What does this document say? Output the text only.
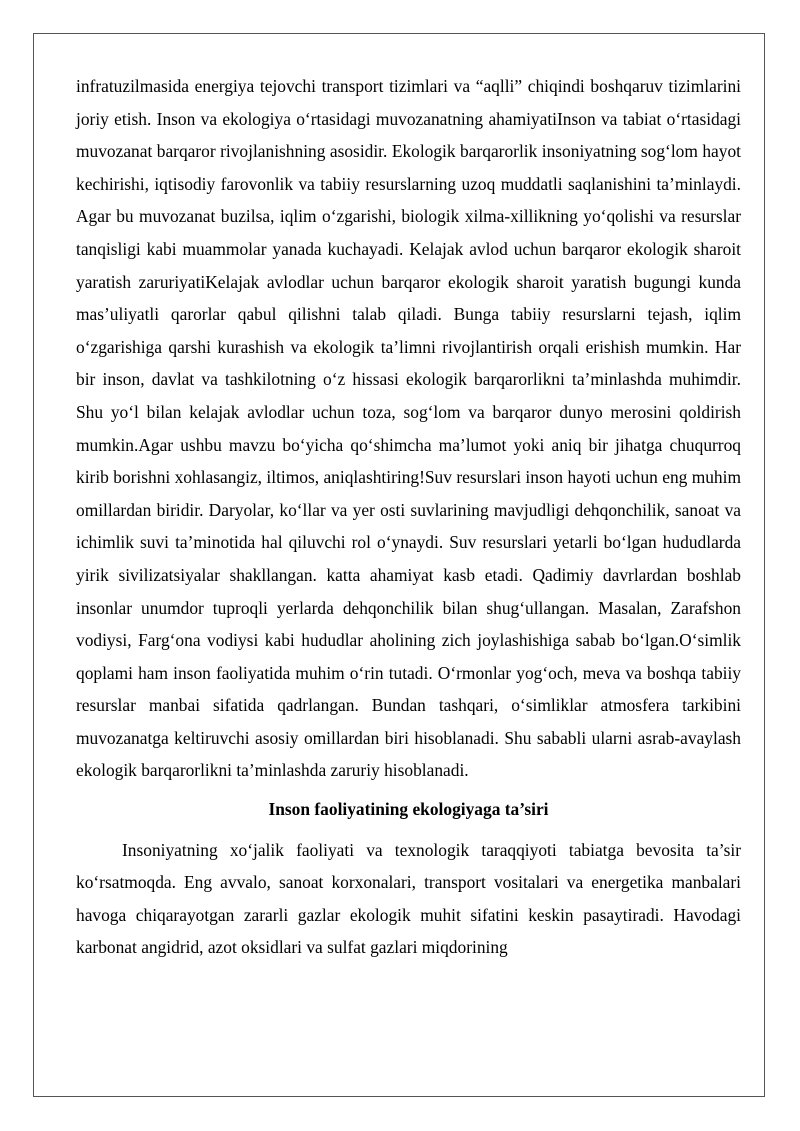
infratuzilmasida energiya tejovchi transport tizimlari va “aqlli” chiqindi boshqaruv tizimlarini joriy etish. Inson va ekologiya o‘rtasidagi muvozanatning ahamiyatiInson va tabiat o‘rtasidagi muvozanat barqaror rivojlanishning asosidir. Ekologik barqarorlik insoniyatning sog‘lom hayot kechirishi, iqtisodiy farovonlik va tabiiy resurslarning uzoq muddatli saqlanishini ta’minlaydi. Agar bu muvozanat buzilsa, iqlim o‘zgarishi, biologik xilma-xillikning yo‘qolishi va resurslar tanqisligi kabi muammolar yanada kuchayadi. Kelajak avlod uchun barqaror ekologik sharoit yaratish zaruriyatiKelajak avlodlar uchun barqaror ekologik sharoit yaratish bugungi kunda mas’uliyatli qarorlar qabul qilishni talab qiladi. Bunga tabiiy resurslarni tejash, iqlim o‘zgarishiga qarshi kurashish va ekologik ta’limni rivojlantirish orqali erishish mumkin. Har bir inson, davlat va tashkilotning o‘z hissasi ekologik barqarorlikni ta’minlashda muhimdir. Shu yo‘l bilan kelajak avlodlar uchun toza, sog‘lom va barqaror dunyo merosini qoldirish mumkin.Agar ushbu mavzu bo‘yicha qo‘shimcha ma’lumot yoki aniq bir jihatga chuqurroq kirib borishni xohlasangiz, iltimos, aniqlashtiring!Suv resurslari inson hayoti uchun eng muhim omillardan biridir. Daryolar, ko‘llar va yer osti suvlarining mavjudligi dehqonchilik, sanoat va ichimlik suvi ta’minotida hal qiluvchi rol o‘ynaydi. Suv resurslari yetarli bo‘lgan hududlarda yirik sivilizatsiyalar shakllangan. katta ahamiyat kasb etadi. Qadimiy davrlardan boshlab insonlar unumdor tuproqli yerlarda dehqonchilik bilan shug‘ullangan. Masalan, Zarafshon vodiysi, Farg‘ona vodiysi kabi hududlar aholining zich joylashishiga sabab bo‘lgan.O‘simlik qoplami ham inson faoliyatida muhim o‘rin tutadi. O‘rmonlar yog‘och, meva va boshqa tabiiy resurslar manbai sifatida qadrlangan. Bundan tashqari, o‘simliklar atmosfera tarkibini muvozanatga keltiruvchi asosiy omillardan biri hisoblanadi. Shu sababli ularni asrab-avaylash ekologik barqarorlikni ta’minlashda zaruriy hisoblanadi.

Inson faoliyatining ekologiyaga ta’siri

Insoniyatning xo‘jalik faoliyati va texnologik taraqqiyoti tabiatga bevosita ta’sir ko‘rsatmoqda. Eng avvalo, sanoat korxonalari, transport vositalari va energetika manbalari havoga chiqarayotgan zararli gazlar ekologik muhit sifatini keskin pasaytiradi. Havodagi karbonat angidrid, azot oksidlari va sulfat gazlari miqdorining
